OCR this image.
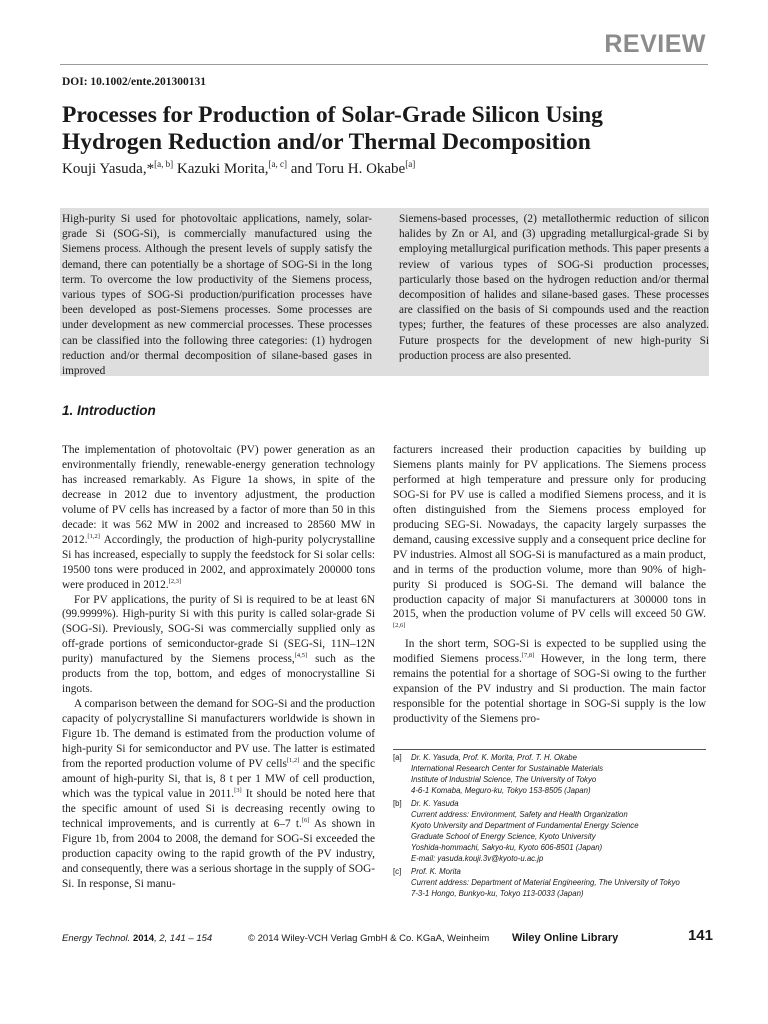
REVIEW
DOI: 10.1002/ente.201300131
Processes for Production of Solar-Grade Silicon Using
Hydrogen Reduction and/or Thermal Decomposition
Kouji Yasuda,*[a, b] Kazuki Morita,[a, c] and Toru H. Okabe[a]
High-purity Si used for photovoltaic applications, namely, solar-grade Si (SOG-Si), is commercially manufactured using the Siemens process. Although the present levels of supply satisfy the demand, there can potentially be a shortage of SOG-Si in the long term. To overcome the low productivity of the Siemens process, various types of SOG-Si production/purification processes have been developed as post-Siemens processes. Some processes are under development as new commercial processes. These processes can be classified into the following three categories: (1) hydrogen reduction and/or thermal decomposition of silane-based gases in improved
Siemens-based processes, (2) metallothermic reduction of silicon halides by Zn or Al, and (3) upgrading metallurgical-grade Si by employing metallurgical purification methods. This paper presents a review of various types of SOG-Si production processes, particularly those based on the hydrogen reduction and/or thermal decomposition of halides and silane-based gases. These processes are classified on the basis of Si compounds used and the reaction types; further, the features of these processes are also analyzed. Future prospects for the development of new high-purity Si production process are also presented.
1. Introduction

The implementation of photovoltaic (PV) power generation as an environmentally friendly, renewable-energy generation technology has increased remarkably. As Figure 1a shows, in spite of the decrease in 2012 due to inventory adjustment, the production volume of PV cells has increased by a factor of more than 50 in this decade: it was 562 MW in 2002 and increased to 28560 MW in 2012.[1,2] Accordingly, the production of high-purity polycrystalline Si has increased, especially to supply the feedstock for Si solar cells: 19500 tons were produced in 2002, and approximately 200000 tons were produced in 2012.[2,3]

For PV applications, the purity of Si is required to be at least 6N (99.9999%). High-purity Si with this purity is called solar-grade Si (SOG-Si). Previously, SOG-Si was commercially supplied only as off-grade portions of semiconductor-grade Si (SEG-Si, 11N–12N purity) manufactured by the Siemens process,[4,5] such as the products from the top, bottom, and edges of monocrystalline Si ingots.

A comparison between the demand for SOG-Si and the production capacity of polycrystalline Si manufacturers worldwide is shown in Figure 1b. The demand is estimated from the production volume of high-purity Si for semiconductor and PV use. The latter is estimated from the reported production volume of PV cells[1,2] and the specific amount of high-purity Si, that is, 8 t per 1 MW of cell production, which was the typical value in 2011.[3] It should be noted here that the specific amount of used Si is decreasing recently owing to technical improvements, and is currently at 6–7 t.[6] As shown in Figure 1b, from 2004 to 2008, the demand for SOG-Si exceeded the production capacity owing to the rapid growth of the PV industry, and consequently, there was a serious shortage in the supply of SOG-Si. In response, Si manu-

facturers increased their production capacities by building up Siemens plants mainly for PV applications. The Siemens process performed at high temperature and pressure only for producing SOG-Si for PV use is called a modified Siemens process, and it is often distinguished from the Siemens process employed for producing SEG-Si. Nowadays, the capacity largely surpasses the demand, causing excessive supply and a consequent price decline for PV industries. Almost all SOG-Si is manufactured as a main product, and in terms of the production volume, more than 90% of high-purity Si produced is SOG-Si. The demand will balance the production capacity of major Si manufacturers at 300000 tons in 2015, when the production volume of PV cells will exceed 50 GW.[2,6]

In the short term, SOG-Si is expected to be supplied using the modified Siemens process.[7,8] However, in the long term, there remains the potential for a shortage of SOG-Si owing to the further expansion of the PV industry and Si production. The main factor responsible for the potential shortage in SOG-Si supply is the low productivity of the Siemens pro-

[a] Dr. K. Yasuda, Prof. K. Morita, Prof. T. H. Okabe
International Research Center for Sustainable Materials
Institute of Industrial Science, The University of Tokyo
4-6-1 Komaba, Meguro-ku, Tokyo 153-8505 (Japan)
[b] Dr. K. Yasuda
Current address: Environment, Safety and Health Organization
Kyoto University and Department of Fundamental Energy Science
Graduate School of Energy Science, Kyoto University
Yoshida-hommachi, Sakyo-ku, Kyoto 606-8501 (Japan)
E-mail: yasuda.kouji.3v@kyoto-u.ac.jp
[c] Prof. K. Morita
Current address: Department of Material Engineering, The University of Tokyo
7-3-1 Hongo, Bunkyo-ku, Tokyo 113-0033 (Japan)
Energy Technol. 2014, 2, 141 – 154	© 2014 Wiley-VCH Verlag GmbH & Co. KGaA, Weinheim Wiley Online Library	141
